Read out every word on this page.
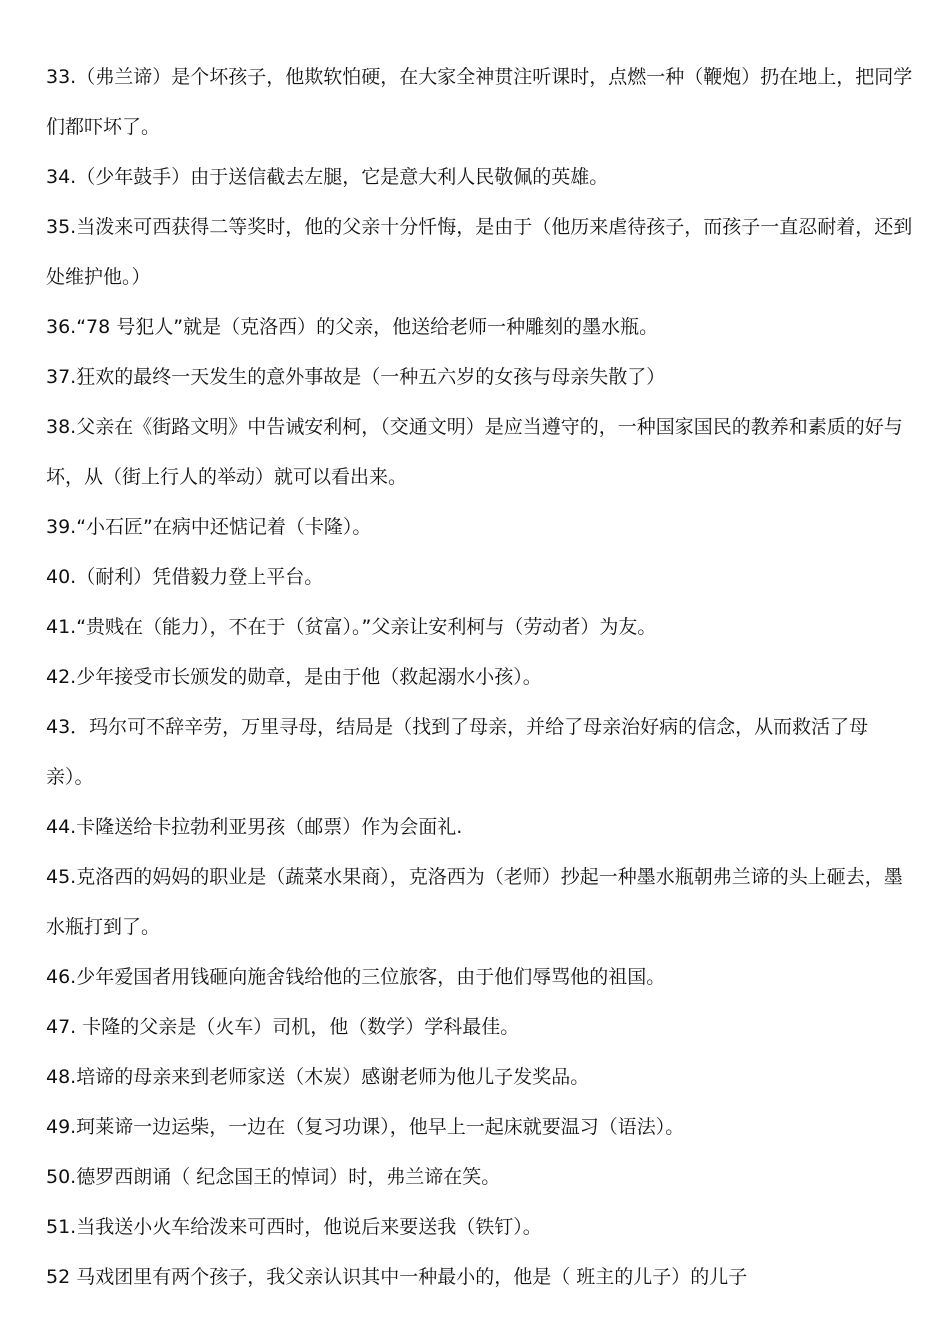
33.（弗兰谛）是个坏孩子，他欺软怕硬，在大家全神贯注听课时，点燃一种（鞭炮）扔在地上，把同学们都吓坏了。

34.（少年鼓手）由于送信截去左腿，它是意大利人民敬佩的英雄。

35.当泼来可西获得二等奖时，他的父亲十分忏悔，是由于（他历来虐待孩子，而孩子一直忍耐着，还到处维护他。）

36.“78 号犯人”就是（克洛西）的父亲，他送给老师一种雕刻的墨水瓶。

37.狂欢的最终一天发生的意外事故是（一种五六岁的女孩与母亲失散了）

38.父亲在《街路文明》中告诫安利柯，（交通文明）是应当遵守的，一种国家国民的教养和素质的好与坏，从（街上行人的举动）就可以看出来。

39.“小石匠”在病中还惦记着（卡隆）。

40.（耐利）凭借毅力登上平台。

41.“贵贱在（能力），不在于（贫富）。”父亲让安利柯与（劳动者）为友。

42.少年接受市长颁发的勋章，是由于他（救起溺水小孩）。

43．玛尔可不辞辛劳，万里寻母，结局是（找到了母亲，并给了母亲治好病的信念，从而救活了母亲）。

44.卡隆送给卡拉勃利亚男孩（邮票）作为会面礼.

45.克洛西的妈妈的职业是（蔬菜水果商），克洛西为（老师）抄起一种墨水瓶朝弗兰谛的头上砸去，墨水瓶打到了。

46.少年爱国者用钱砸向施舍钱给他的三位旅客，由于他们辱骂他的祖国。

47. 卡隆的父亲是（火车）司机，他（数学）学科最佳。

48.培谛的母亲来到老师家送（木炭）感谢老师为他儿子发奖品。

49.珂莱谛一边运柴，一边在（复习功课），他早上一起床就要温习（语法）。

50.德罗西朗诵（ 纪念国王的悼词）时，弗兰谛在笑。

51.当我送小火车给泼来可西时，他说后来要送我（铁钉）。

52 马戏团里有两个孩子，我父亲认识其中一种最小的，他是（ 班主的儿子）的儿子
